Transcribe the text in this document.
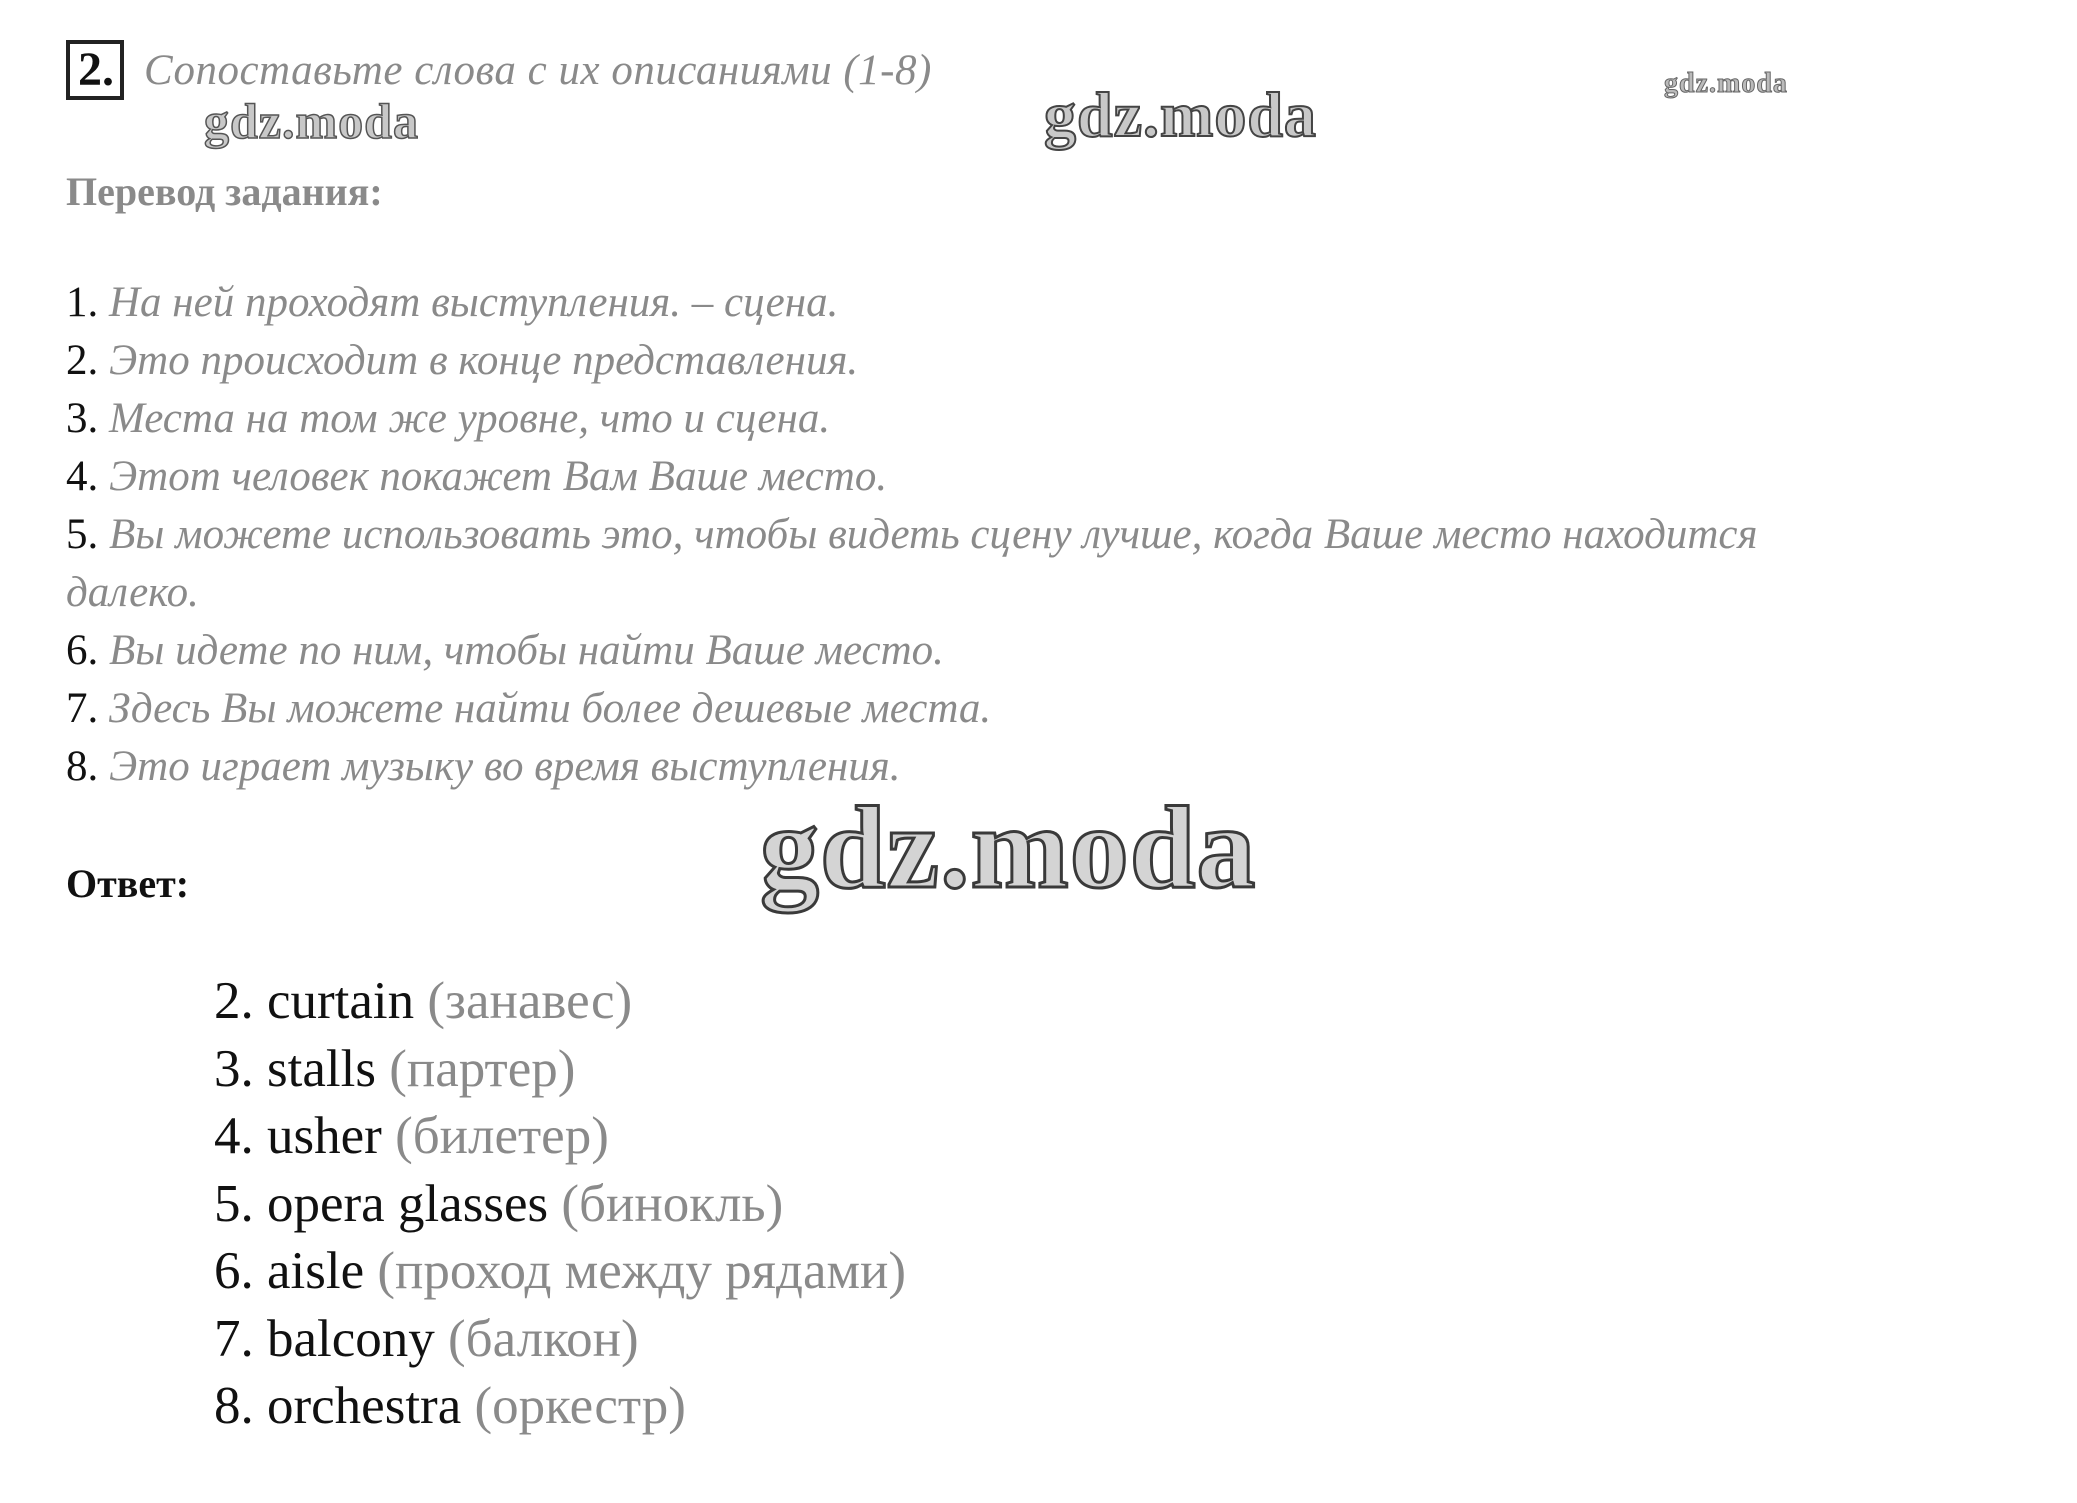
2. Сопоставьте слова с их описаниями (1-8)
gdz.moda	gdz.moda	gdz.moda
Перевод задания:
1. На ней проходят выступления. – сцена.
2. Это происходит в конце представления.
3. Места на том же уровне, что и сцена.
4. Этот человек покажет Вам Ваше место.
5. Вы можете использовать это, чтобы видеть сцену лучше, когда Ваше место находится далеко.
6. Вы идете по ним, чтобы найти Ваше место.
7. Здесь Вы можете найти более дешевые места.
8. Это играет музыку во время выступления.
Ответ:	gdz.moda
2. curtain (занавес)
3. stalls (партер)
4. usher (билетер)
5. opera glasses (бинокль)
6. aisle (проход между рядами)
7. balcony (балкон)
8. orchestra (оркестр)
